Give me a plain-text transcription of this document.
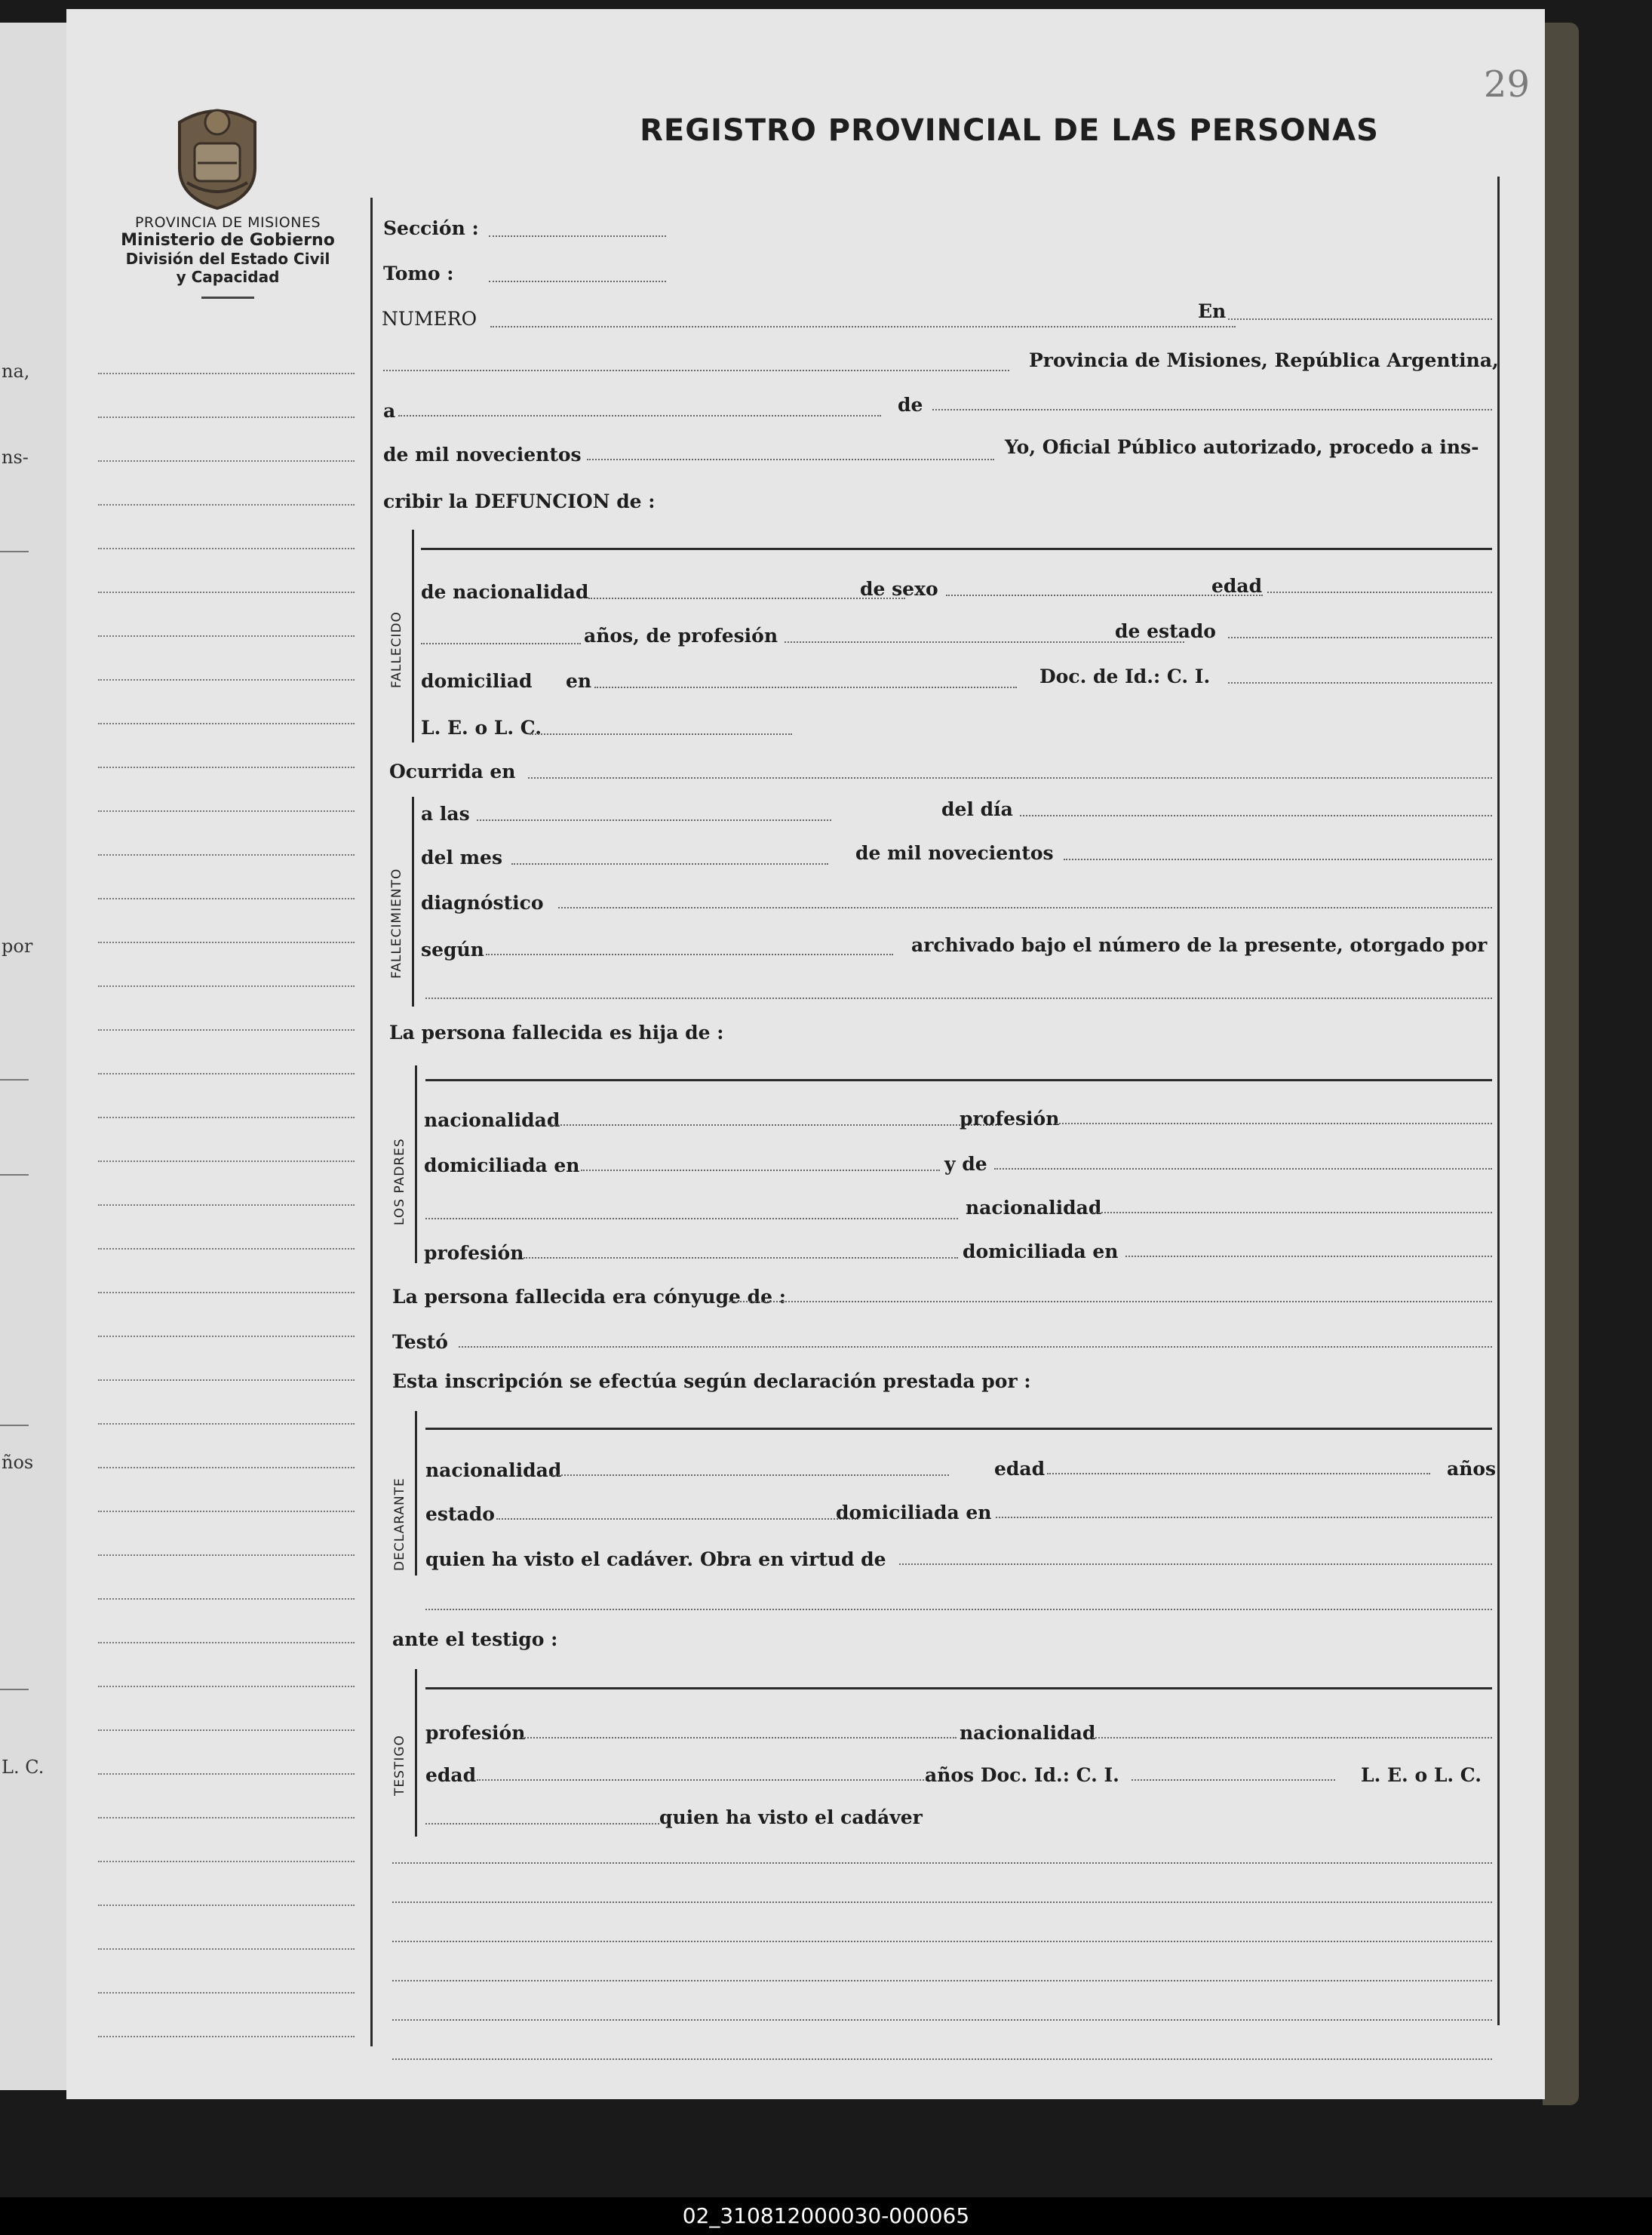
na,
ns-
por
ños
L. C.
29
REGISTRO PROVINCIAL DE LAS PERSONAS
PROVINCIA DE MISIONES
Ministerio de Gobierno
División del Estado Civil
y Capacidad
Sección :
Tomo :
NUMERO	En
Provincia de Misiones, República Argentina,
a	de
de mil novecientos	Yo, Oficial Público autorizado, procedo a ins-
cribir la DEFUNCION de :
FALLECIDO
de nacionalidad	de sexo	edad
años, de profesión	de estado
domiciliad en	Doc. de Id.: C. I.
L. E. o L. C.
Ocurrida en
FALLECIMIENTO
a las	del día
del mes	de mil novecientos
diagnóstico
según	archivado bajo el número de la presente, otorgado por
La persona fallecida es hija de :
LOS PADRES
nacionalidad	profesión
domiciliada en	y de
nacionalidad
profesión	domiciliada en
La persona fallecida era cónyuge de :
Testó
Esta inscripción se efectúa según declaración prestada por :
DECLARANTE
nacionalidad	edad	años
estado	domiciliada en
quien ha visto el cadáver. Obra en virtud de
ante el testigo :
TESTIGO
profesión	nacionalidad
edad	años Doc. Id.: C. I.	L. E. o L. C.
quien ha visto el cadáver
02_310812000030-000065
